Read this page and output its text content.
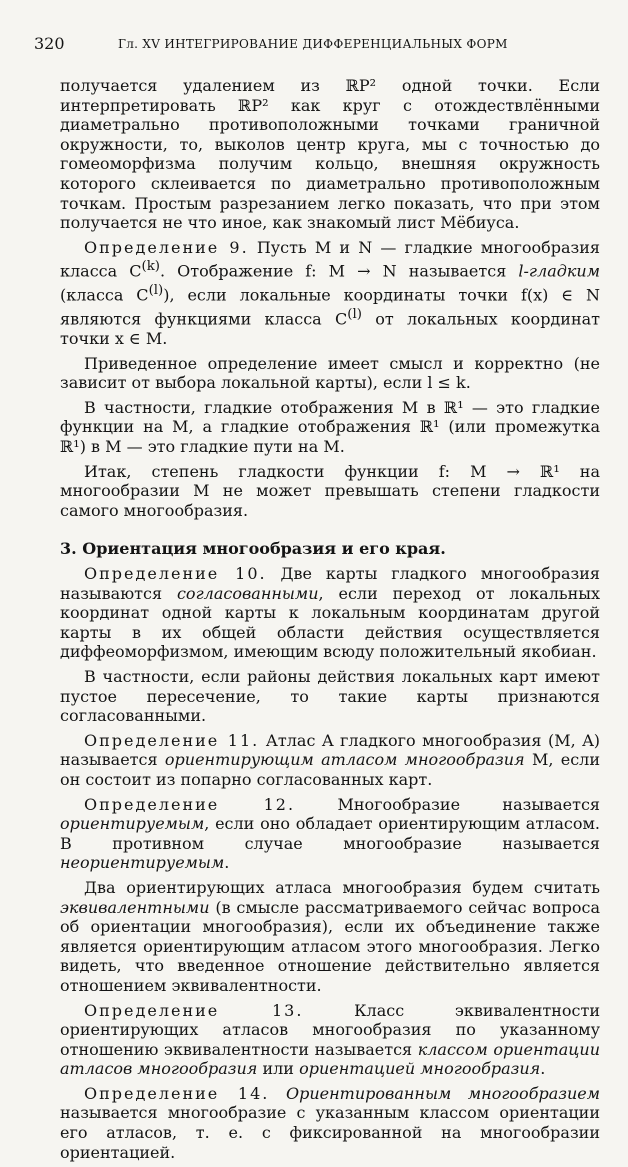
320	Гл. XV ИНТЕГРИРОВАНИЕ ДИФФЕРЕНЦИАЛЬНЫХ ФОРМ

получается удалением из ℝP² одной точки. Если интерпретировать ℝP² как круг с отождествлёнными диаметрально противоположными точками граничной окружности, то, выколов центр круга, мы с точностью до гомеоморфизма получим кольцо, внешняя окружность которого склеивается по диаметрально противоположным точкам. Простым разрезанием легко показать, что при этом получается не что иное, как знакомый лист Мёбиуса.

Определение 9. Пусть M и N — гладкие многообразия класса $C^{(k)}$. Отображение f: M → N называется l-гладким (класса $C^{(l)}$), если локальные координаты точки f(x) ∈ N являются функциями класса $C^{(l)}$ от локальных координат точки x ∈ M.

Приведенное определение имеет смысл и корректно (не зависит от выбора локальной карты), если l ≤ k.

В частности, гладкие отображения M в ℝ¹ — это гладкие функции на M, а гладкие отображения ℝ¹ (или промежутка ℝ¹) в M — это гладкие пути на M.

Итак, степень гладкости функции f: M → ℝ¹ на многообразии M не может превышать степени гладкости самого многообразия.

3. Ориентация многообразия и его края.

Определение 10. Две карты гладкого многообразия называются согласованными, если переход от локальных координат одной карты к локальным координатам другой карты в их общей области действия осуществляется диффеоморфизмом, имеющим всюду положительный якобиан.

В частности, если районы действия локальных карт имеют пустое пересечение, то такие карты признаются согласованными.

Определение 11. Атлас A гладкого многообразия (M, A) называется ориентирующим атласом многообразия M, если он состоит из попарно согласованных карт.

Определение 12.	Многообразие называется ориентируемым, если оно обладает ориентирующим атласом. В противном случае многообразие называется неориентируемым.

Два ориентирующих атласа многообразия будем считать эквивалентными (в смысле рассматриваемого сейчас вопроса об ориентации многообразия), если их объединение также является ориентирующим атласом этого многообразия. Легко видеть, что введенное отношение действительно является отношением эквивалентности.

Определение 13.	Класс эквивалентности ориентирующих атласов многообразия по указанному отношению эквивалентности называется классом ориентации атласов многообразия или ориентацией многообразия.

Определение 14. Ориентированным многообразием называется многообразие с указанным классом ориентации его атласов, т. е. с фиксированной на многообразии ориентацией.
